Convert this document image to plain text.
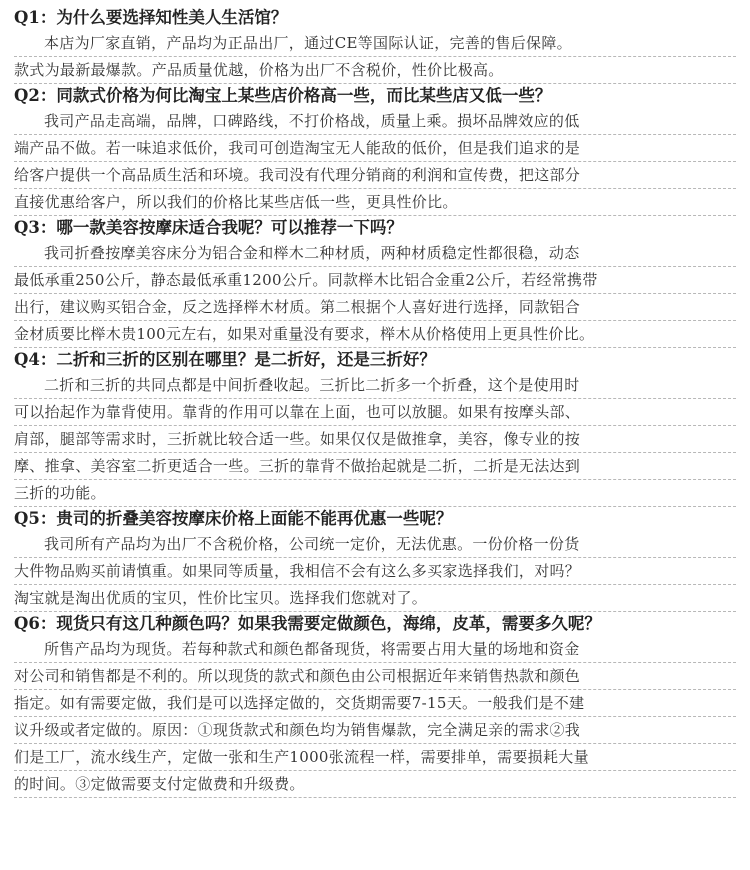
Q1：为什么要选择知性美人生活馆？
本店为厂家直销，产品均为正品出厂，通过CE等国际认证，完善的售后保障。
款式为最新最爆款。产品质量优越，价格为出厂不含税价，性价比极高。
Q2：同款式价格为何比淘宝上某些店价格高一些，而比某些店又低一些？
我司产品走高端，品牌，口碑路线，不打价格战，质量上乘。损坏品牌效应的低
端产品不做。若一味追求低价，我司可创造淘宝无人能敌的低价，但是我们追求的是
给客户提供一个高品质生活和环境。我司没有代理分销商的利润和宣传费，把这部分
直接优惠给客户，所以我们的价格比某些店低一些，更具性价比。
Q3：哪一款美容按摩床适合我呢？可以推荐一下吗？
我司折叠按摩美容床分为铝合金和榉木二种材质，两种材质稳定性都很稳，动态
最低承重250公斤，静态最低承重1200公斤。同款榉木比铝合金重2公斤，若经常携带
出行，建议购买铝合金，反之选择榉木材质。第二根据个人喜好进行选择，同款铝合
金材质要比榉木贵100元左右，如果对重量没有要求，榉木从价格使用上更具性价比。
Q4：二折和三折的区别在哪里？是二折好，还是三折好？
二折和三折的共同点都是中间折叠收起。三折比二折多一个折叠，这个是使用时
可以抬起作为靠背使用。靠背的作用可以靠在上面，也可以放腿。如果有按摩头部、
肩部，腿部等需求时，三折就比较合适一些。如果仅仅是做推拿，美容，像专业的按
摩、推拿、美容室二折更适合一些。三折的靠背不做抬起就是二折，二折是无法达到
三折的功能。
Q5：贵司的折叠美容按摩床价格上面能不能再优惠一些呢？
我司所有产品均为出厂不含税价格，公司统一定价，无法优惠。一份价格一份货
大件物品购买前请慎重。如果同等质量，我相信不会有这么多买家选择我们，对吗？
淘宝就是淘出优质的宝贝，性价比宝贝。选择我们您就对了。
Q6：现货只有这几种颜色吗？如果我需要定做颜色，海绵，皮革，需要多久呢？
所售产品均为现货。若每种款式和颜色都备现货，将需要占用大量的场地和资金
对公司和销售都是不利的。所以现货的款式和颜色由公司根据近年来销售热款和颜色
指定。如有需要定做，我们是可以选择定做的，交货期需要7-15天。一般我们是不建
议升级或者定做的。原因：①现货款式和颜色均为销售爆款，完全满足亲的需求②我
们是工厂，流水线生产，定做一张和生产1000张流程一样，需要排单，需要损耗大量
的时间。③定做需要支付定做费和升级费。
